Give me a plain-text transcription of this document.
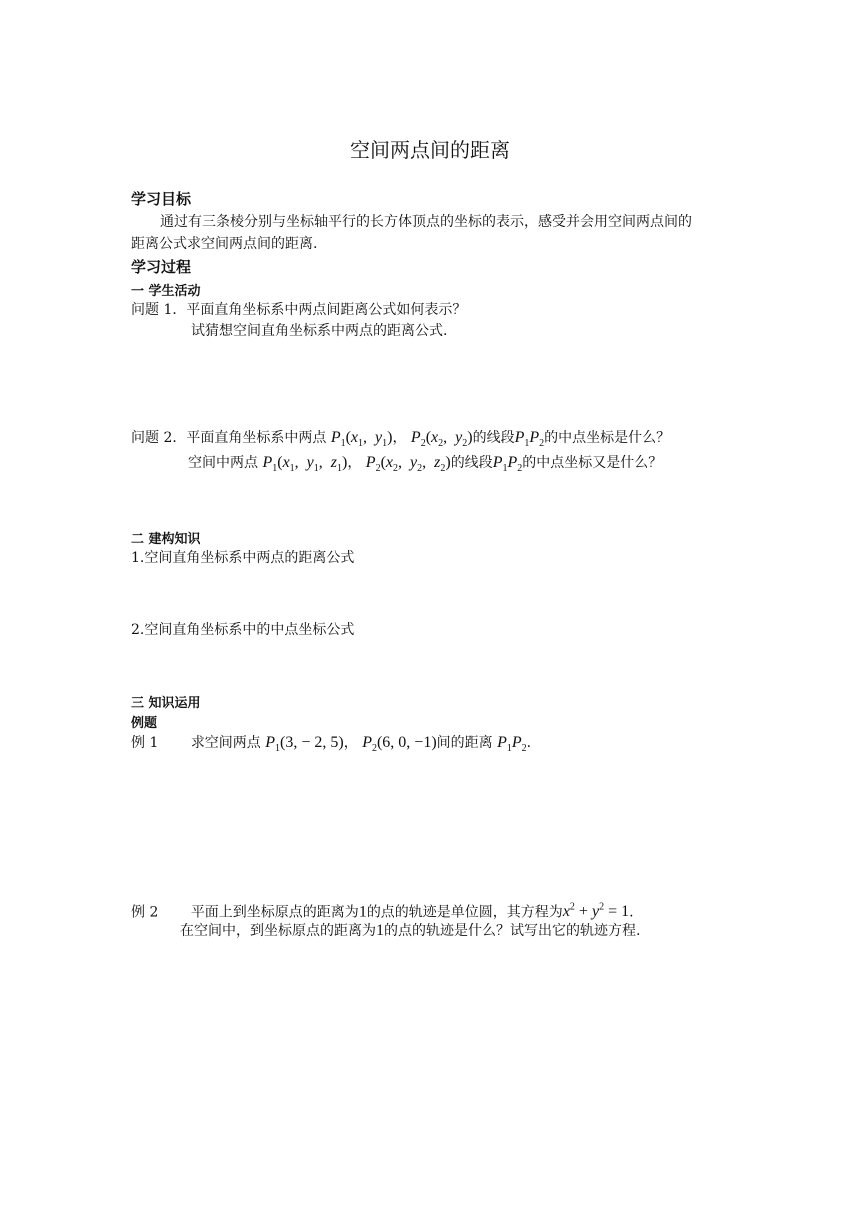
空间两点间的距离
学习目标
通过有三条棱分别与坐标轴平行的长方体顶点的坐标的表示，感受并会用空间两点间的
距离公式求空间两点间的距离.
学习过程
一 学生活动
问题 1．平面直角坐标系中两点间距离公式如何表示？
试猜想空间直角坐标系中两点的距离公式.
问题 2．平面直角坐标系中两点 $P_1(x_1$,  $y_1$)， $P_2(x_2$,  $y_2$)的线段$P_1P_2$的中点坐标是什么？
空间中两点 $P_1(x_1$,  $y_1$,  $z_1$)， $P_2(x_2$,  $y_2$,  $z_2$)的线段$P_1P_2$的中点坐标又是什么？
二 建构知识
1.空间直角坐标系中两点的距离公式
2.空间直角坐标系中的中点坐标公式
三 知识运用
例题
例 1 求空间两点 $P_1(3$, − 2, 5)， $P_2(6$, 0, −1)间的距离 $P_1P_2$.
例 2 平面上到坐标原点的距离为1的点的轨迹是单位圆，其方程为$x^2 + y^2 = 1$.
在空间中，到坐标原点的距离为1的点的轨迹是什么？试写出它的轨迹方程.
